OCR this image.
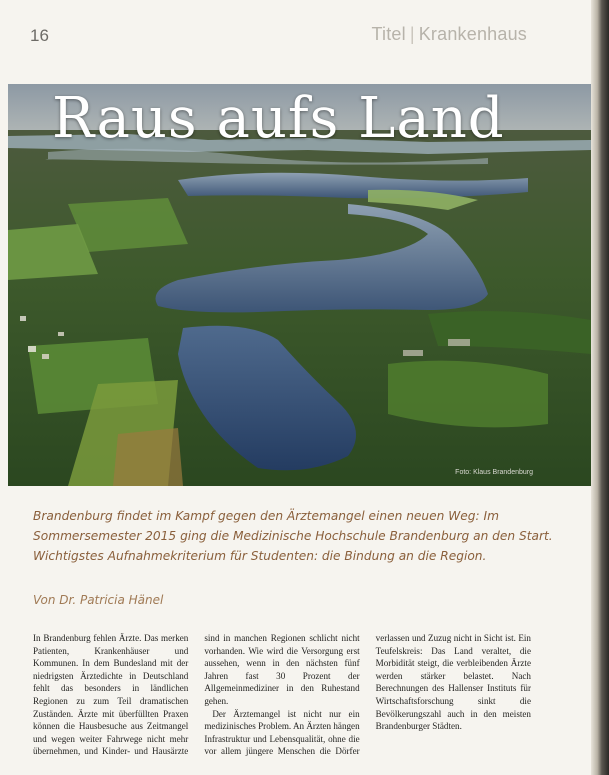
16	Titel | Krankenhaus
Raus aufs Land
Foto: Klaus Brandenburg

Brandenburg findet im Kampf gegen den Ärztemangel einen neuen Weg: Im Sommersemester 2015 ging die Medizinische Hochschule Brandenburg an den Start. Wichtigstes Aufnahmekriterium für Studenten: die Bindung an die Region.

Von Dr. Patricia Hänel

In Brandenburg fehlen Ärzte. Das merken Patienten, Krankenhäuser und Kommunen. In dem Bundesland mit der niedrigsten Ärztedichte in Deutschland fehlt das besonders in ländlichen Regionen zu zum Teil dramatischen Zuständen. Ärzte mit überfüllten Praxen können die Hausbesuche aus Zeitmangel und wegen weiter Fahrwege nicht mehr übernehmen, und Kinder- und Hausärzte sind in manchen Regionen schlicht nicht vorhanden. Wie wird die Versorgung erst aussehen, wenn in den nächsten fünf Jahren fast 30 Prozent der Allgemeinmediziner in den Ruhestand gehen.

Der Ärztemangel ist nicht nur ein medizinisches Problem. An Ärzten hängen Infrastruktur und Lebensqualität, ohne die vor allem jüngere Menschen die Dörfer verlassen und Zuzug nicht in Sicht ist. Ein Teufelskreis: Das Land veraltet, die Morbidität steigt, die verbleibenden Ärzte werden stärker belastet. Nach Berechnungen des Hallenser Instituts für Wirtschaftsforschung sinkt die Bevölkerungszahl auch in den meisten Brandenburger Städten.
